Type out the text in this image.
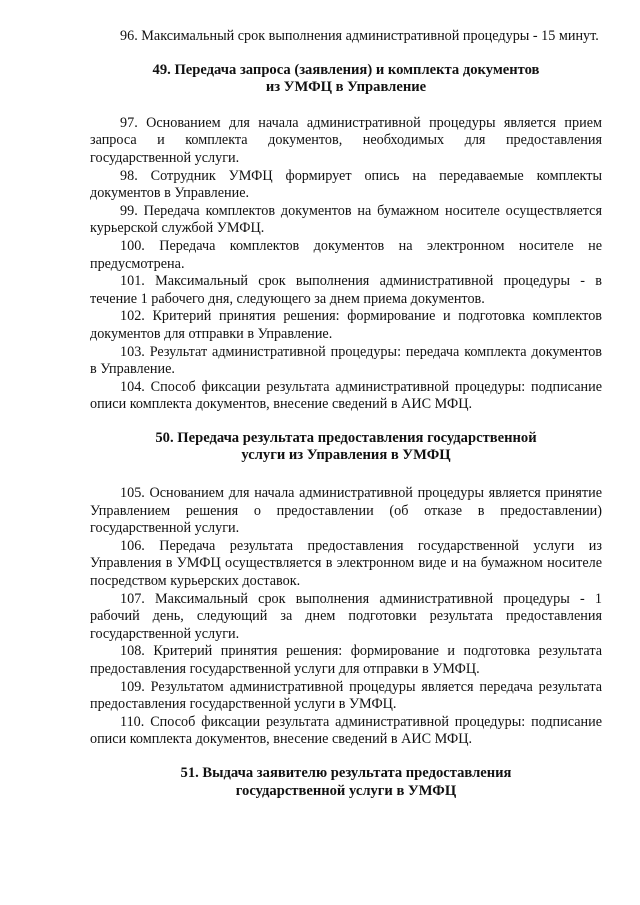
96. Максимальный срок выполнения административной процедуры - 15 минут.

49. Передача запроса (заявления) и комплекта документов
из УМФЦ в Управление

97. Основанием для начала административной процедуры является прием запроса и комплекта документов, необходимых для предоставления государственной услуги.

98. Сотрудник УМФЦ формирует опись на передаваемые комплекты документов в Управление.

99. Передача комплектов документов на бумажном носителе осуществляется курьерской службой УМФЦ.

100. Передача комплектов документов на электронном носителе не предусмотрена.

101. Максимальный срок выполнения административной процедуры - в течение 1 рабочего дня, следующего за днем приема документов.

102. Критерий принятия решения: формирование и подготовка комплектов документов для отправки в Управление.

103. Результат административной процедуры: передача комплекта документов в Управление.

104. Способ фиксации результата административной процедуры: подписание описи комплекта документов, внесение сведений в АИС МФЦ.

50. Передача результата предоставления государственной
услуги из Управления в УМФЦ

105. Основанием для начала административной процедуры является принятие Управлением решения о предоставлении (об отказе в предоставлении) государственной услуги.

106. Передача результата предоставления государственной услуги из Управления в УМФЦ осуществляется в электронном виде и на бумажном носителе посредством курьерских доставок.

107. Максимальный срок выполнения административной процедуры - 1 рабочий день, следующий за днем подготовки результата предоставления государственной услуги.

108. Критерий принятия решения: формирование и подготовка результата предоставления государственной услуги для отправки в УМФЦ.

109. Результатом административной процедуры является передача результата предоставления государственной услуги в УМФЦ.

110. Способ фиксации результата административной процедуры: подписание описи комплекта документов, внесение сведений в АИС МФЦ.

51. Выдача заявителю результата предоставления
государственной услуги в УМФЦ
